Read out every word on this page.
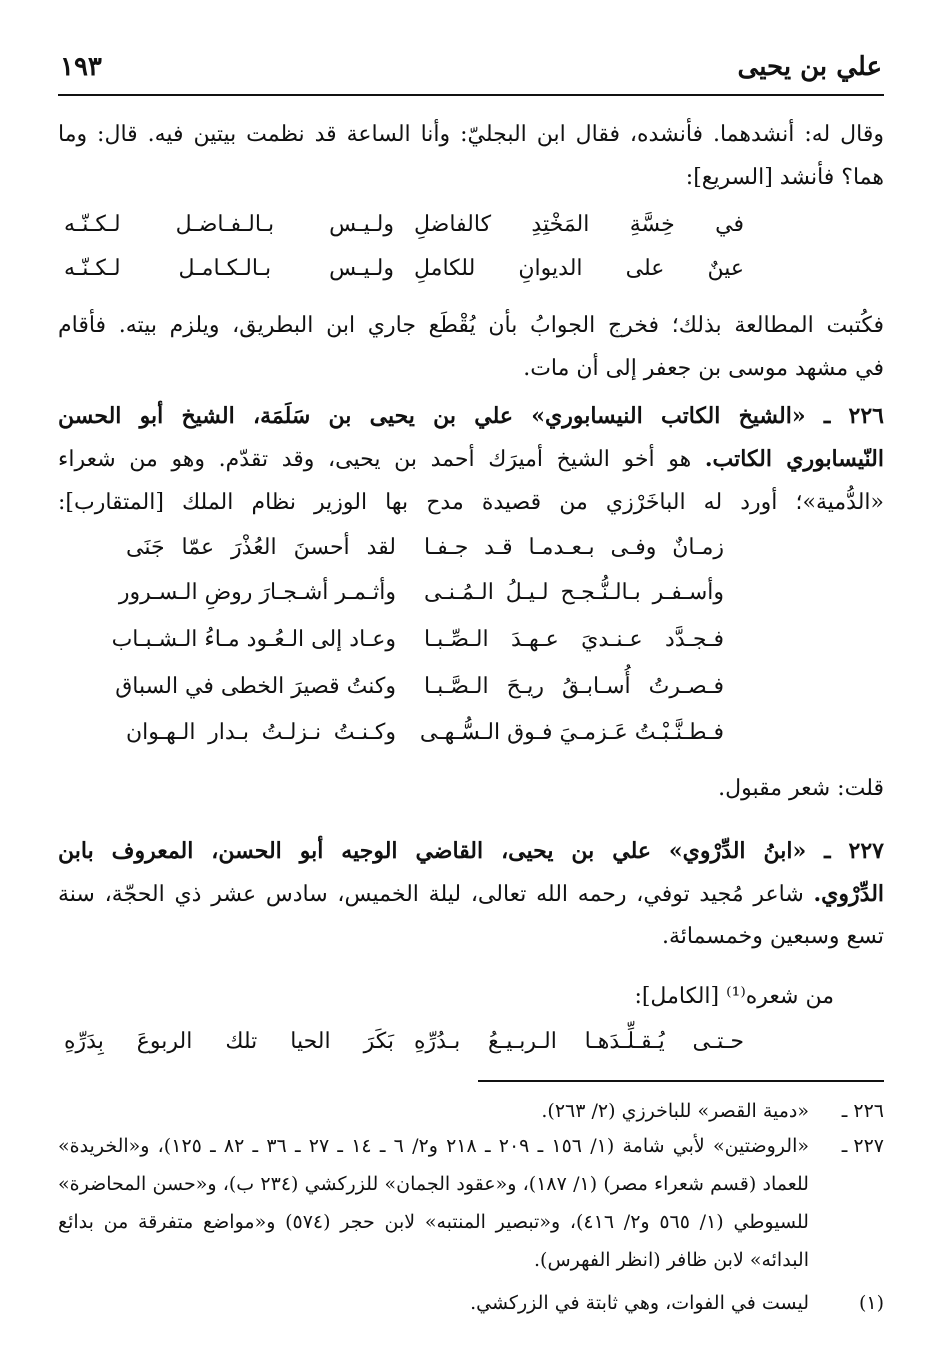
١٩٣	علي بن يحيى
وقال له: أنشدهما. فأنشده، فقال ابن البجليّ: وأنا الساعة قد نظمت بيتين فيه. قال: وما
هما؟ فأنشد [السريع]:
ولـيـس بـالـفـاضـل لـكـنّـه في خِسَّةِ المَخْتِدِ كالفاضلِ
ولـيـس بـالـكـامـل لـكـنّـه عينٌ على الديوانِ للكاملِ
فكُتبت المطالعة بذلك؛ فخرج الجوابُ بأن يُقْطَع جاري ابن البطريق، ويلزم بيته. فأقام
في مشهد موسى بن جعفر إلى أن مات.
٢٢٦ ـ «الشيخ الكاتب النيسابوري» علي بن يحيى بن سَلَمَة، الشيخ أبو الحسن
النّيسابوري الكاتب. هو أخو الشيخ أميرَك أحمد بن يحيى، وقد تقدّم. وهو من شعراء
«الدُّمية»؛ أورد له الباخَرْزي من قصيدة مدح بها الوزير نظام الملك [المتقارب]:
لقد أحسنَ العُذْرَ عمّا جَنَى زمـانٌ وفـى بـعـدمـا قـد جـفـا
وأثـمـر أشـجـارَ روضِ الـسـرور وأسـفـر بـالـنُّـجـح لـيـلُ الـمُـنـى
وعـاد إلى الـعُـود مـاءُ الـشـبـاب فـجـدَّد عـنـديَ عـهـدَ الـصِّـبـا
وكنتُ قصيرَ الخطى في السباق فـصـرتُ أُسـابـقُ ريـحَ الـصَّـبـا
وكـنـتُ نـزلـتُ بـدار الـهـوان فـطـنَّـبْـتُ عَـزمـيَ فـوق الـسُّـهـى
قلت: شعر مقبول.
٢٢٧ ـ «ابنُ الدِّرْوي» علي بن يحيى، القاضي الوجيه أبو الحسن، المعروف بابن
الدِّرْوي. شاعر مُجيد توفي، رحمه الله تعالى، ليلة الخميس، سادس عشر ذي الحجّة، سنة
تسع وسبعين وخمسمائة.
من شعره⁽¹⁾ [الكامل]:
بَكَرَ الحيا تلك الربوعَ بِدَرِّهِ حـتـى يُـقـلِّـدَهـا الـربـيـعُ بـدُرِّهِ
٢٢٦ ـ
«دمية القصر» للباخرزي (٢/ ٢٦٣).
٢٢٧ ـ
«الروضتين» لأبي شامة (١/ ١٥٦ ـ ٢٠٩ ـ ٢١٨ و٢/ ٦ ـ ١٤ ـ ٢٧ ـ ٣٦ ـ ٨٢ ـ ١٢٥)، و«الخريدة»
للعماد (قسم شعراء مصر) (١/ ١٨٧)، و«عقود الجمان» للزركشي (٢٣٤ ب)، و«حسن المحاضرة»
للسيوطي (١/ ٥٦٥ و٢/ ٤١٦)، و«تبصير المنتبه» لابن حجر (٥٧٤) و«مواضع متفرقة من بدائع
البدائه» لابن ظافر (انظر الفهرس).
(١)
ليست في الفوات، وهي ثابتة في الزركشي.
